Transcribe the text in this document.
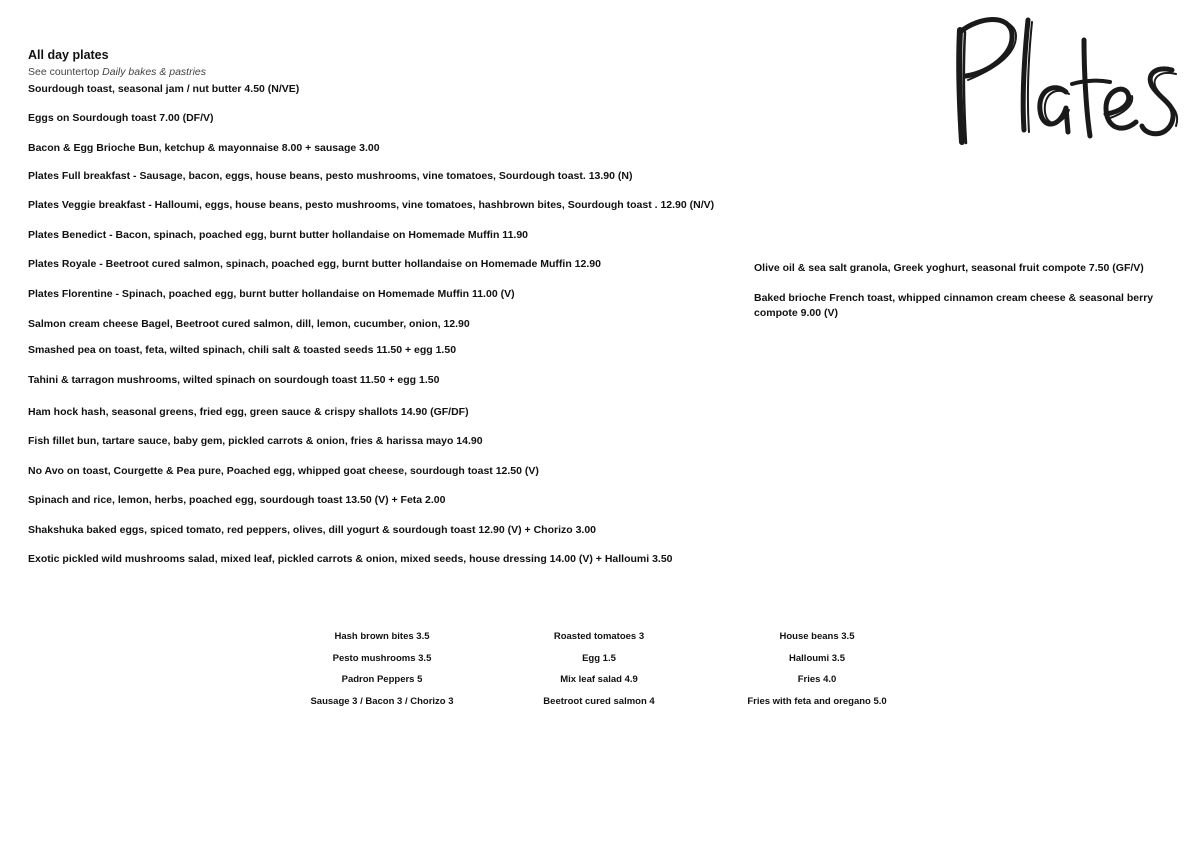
All day plates

See countertop Daily bakes & pastries

Sourdough toast, seasonal jam / nut butter 4.50 (N/VE)

Eggs on Sourdough toast 7.00 (DF/V)

Bacon & Egg Brioche Bun, ketchup & mayonnaise 8.00 + sausage 3.00

Plates Full breakfast - Sausage, bacon, eggs, house beans, pesto mushrooms, vine tomatoes, Sourdough toast. 13.90 (N)

Plates Veggie breakfast - Halloumi, eggs, house beans, pesto mushrooms, vine tomatoes, hashbrown bites, Sourdough toast . 12.90 (N/V)

Plates Benedict - Bacon, spinach, poached egg, burnt butter hollandaise on Homemade Muffin 11.90

Plates Royale - Beetroot cured salmon, spinach, poached egg, burnt butter hollandaise on Homemade Muffin 12.90

Plates Florentine - Spinach, poached egg, burnt butter hollandaise on Homemade Muffin 11.00 (V)

Salmon cream cheese Bagel, Beetroot cured salmon, dill, lemon, cucumber, onion, 12.90

Smashed pea on toast, feta, wilted spinach, chili salt & toasted seeds 11.50 + egg 1.50

Tahini & tarragon mushrooms, wilted spinach on sourdough toast 11.50 + egg 1.50

Ham hock hash, seasonal greens, fried egg, green sauce & crispy shallots 14.90 (GF/DF)

Fish fillet bun, tartare sauce, baby gem, pickled carrots & onion, fries & harissa mayo 14.90

No Avo on toast, Courgette & Pea pure, Poached egg, whipped goat cheese, sourdough toast 12.50 (V)

Spinach and rice, lemon, herbs, poached egg, sourdough toast 13.50 (V) + Feta 2.00

Shakshuka baked eggs, spiced tomato, red peppers, olives, dill yogurt & sourdough toast 12.90 (V) + Chorizo 3.00

Exotic pickled wild mushrooms salad, mixed leaf, pickled carrots & onion, mixed seeds, house dressing 14.00 (V) + Halloumi 3.50

Olive oil & sea salt granola, Greek yoghurt, seasonal fruit compote 7.50 (GF/V)

Baked brioche French toast, whipped cinnamon cream cheese & seasonal berry compote 9.00 (V)

Hash brown bites 3.5
Pesto mushrooms 3.5
Padron Peppers 5
Sausage 3 / Bacon 3 / Chorizo 3
Roasted tomatoes 3
Egg 1.5
Mix leaf salad 4.9
Beetroot cured salmon 4
House beans 3.5
Halloumi 3.5
Fries 4.0
Fries with feta and oregano 5.0
